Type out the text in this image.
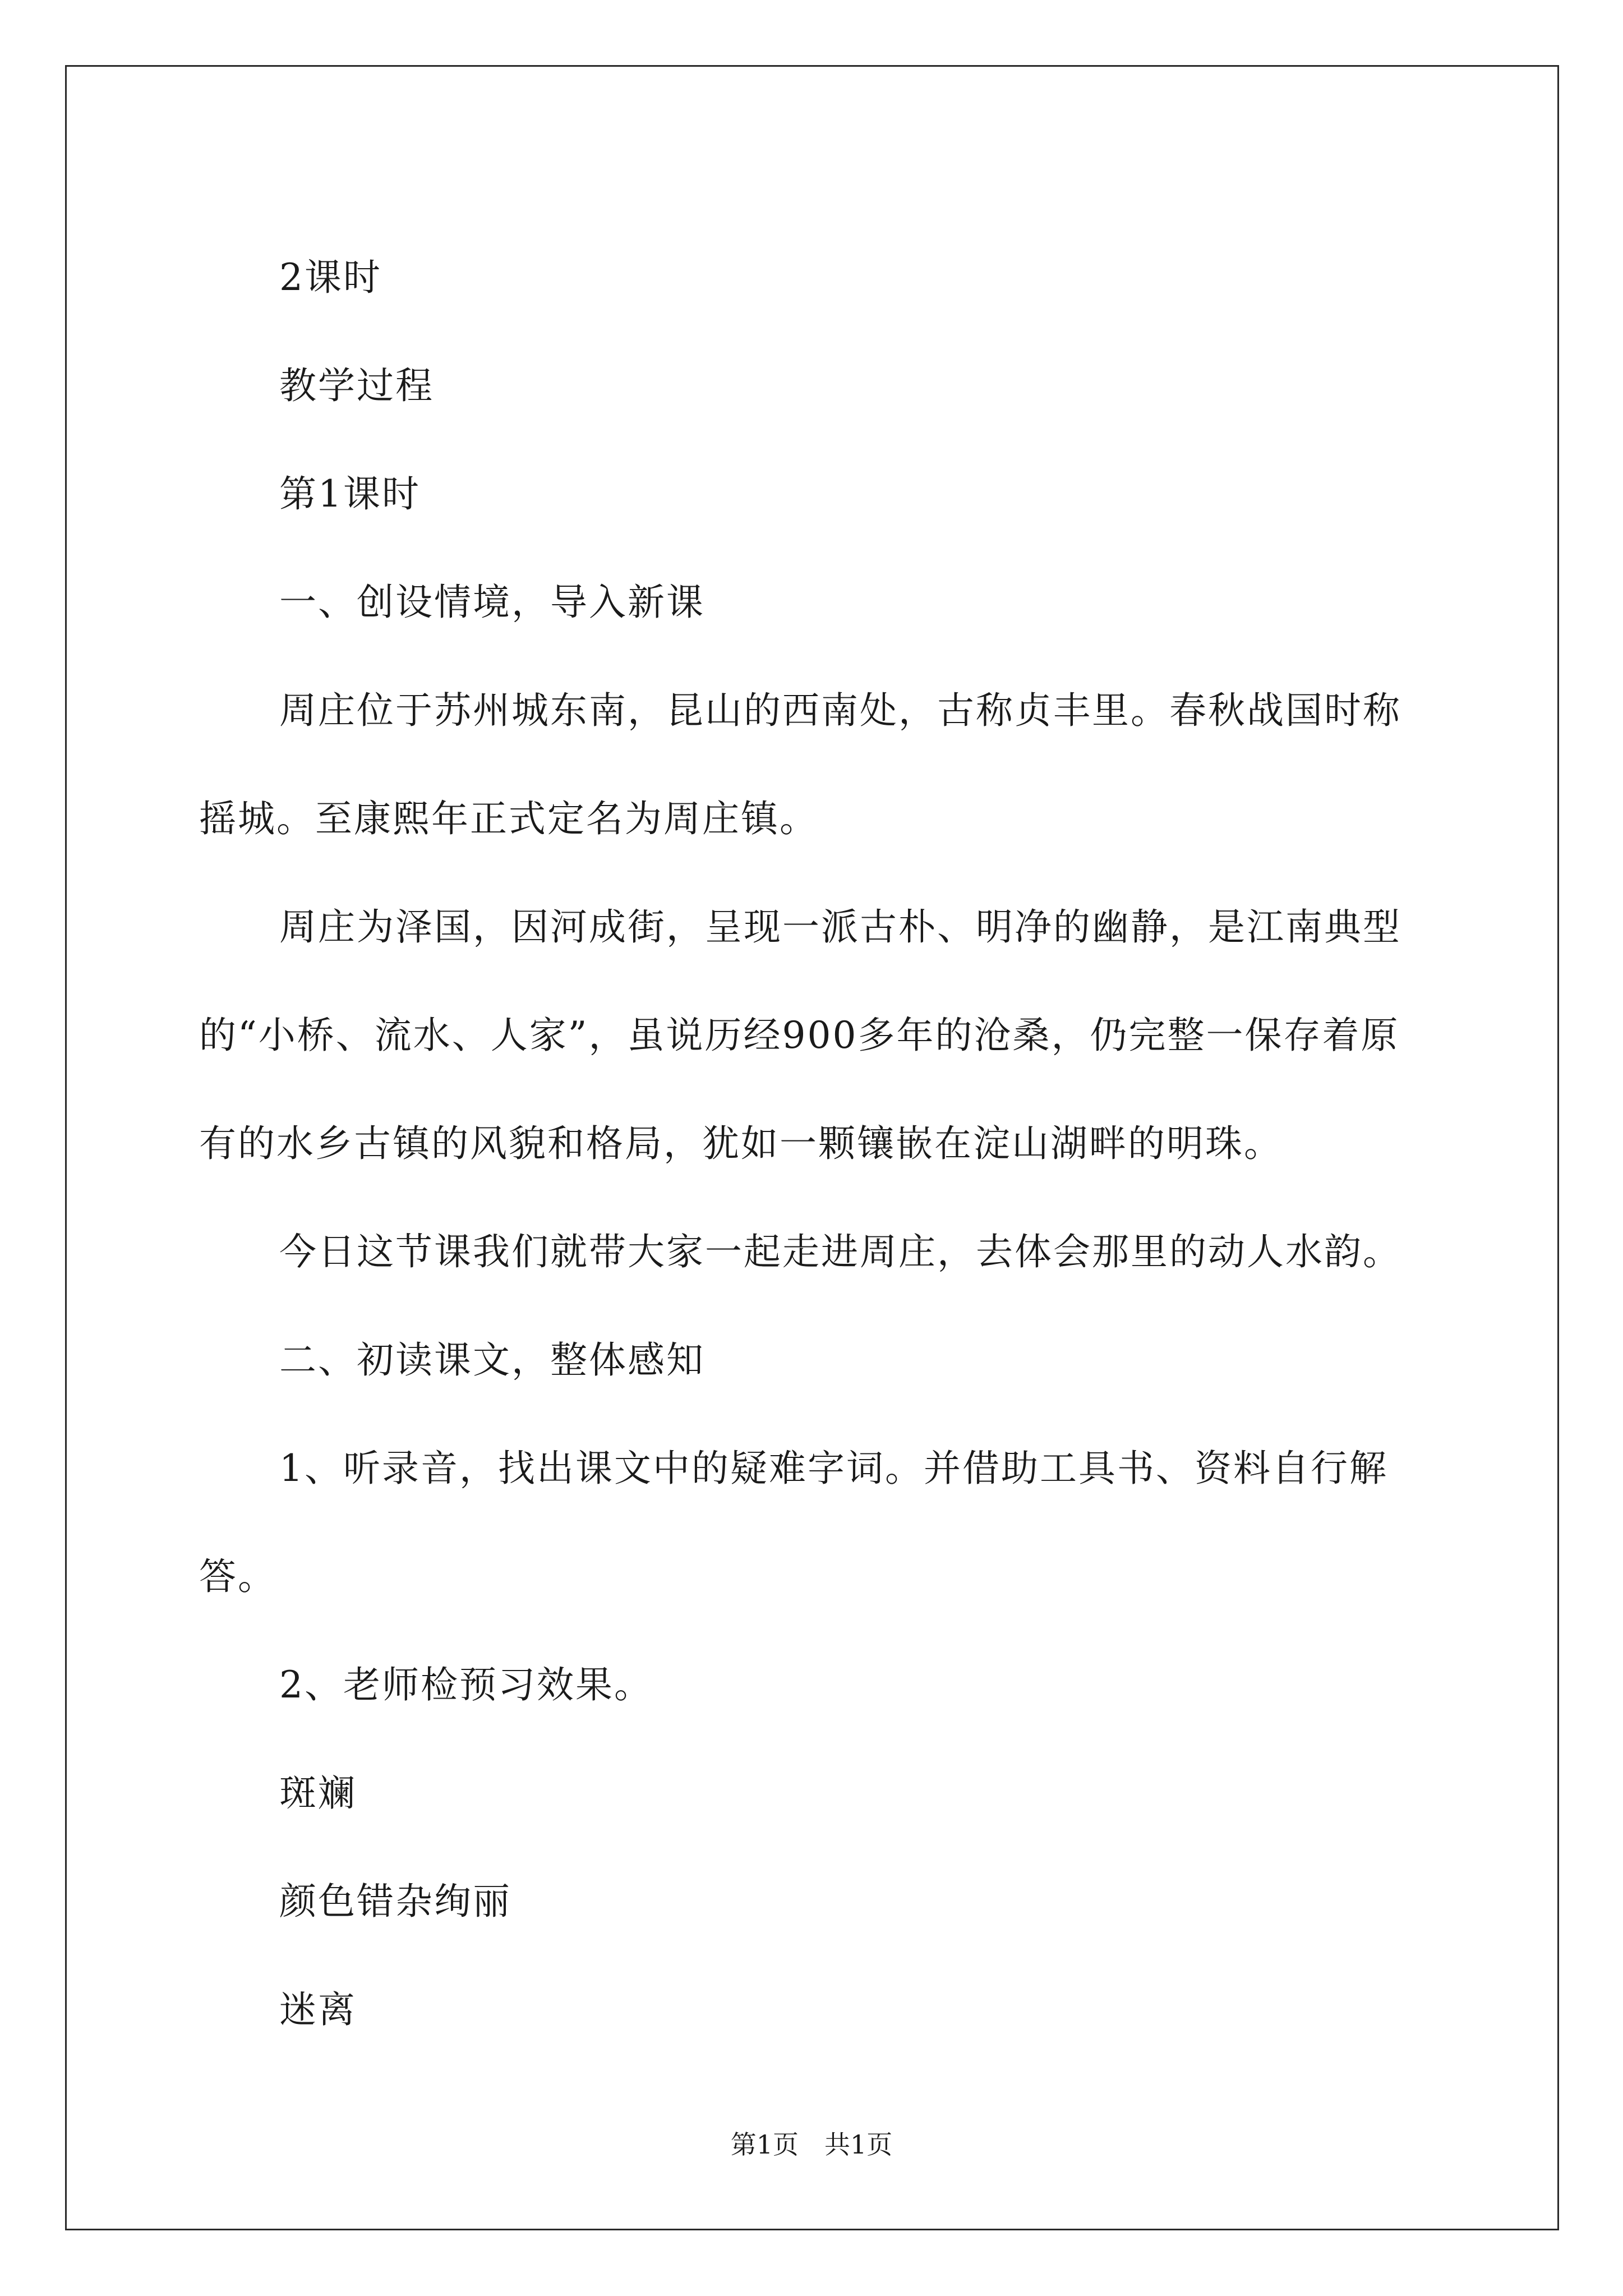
2课时

教学过程

第1课时

一、创设情境，导入新课

周庄位于苏州城东南，昆山的西南处，古称贞丰里。春秋战国时称摇城。至康熙年正式定名为周庄镇。

周庄为泽国，因河成街，呈现一派古朴、明净的幽静，是江南典型的“小桥、流水、人家”，虽说历经900多年的沧桑，仍完整一保存着原有的水乡古镇的风貌和格局，犹如一颗镶嵌在淀山湖畔的明珠。

今日这节课我们就带大家一起走进周庄，去体会那里的动人水韵。

二、初读课文，整体感知

1、听录音，找出课文中的疑难字词。并借助工具书、资料自行解答。

2、老师检预习效果。

斑斓

颜色错杂绚丽

迷离

第1页 共1页
